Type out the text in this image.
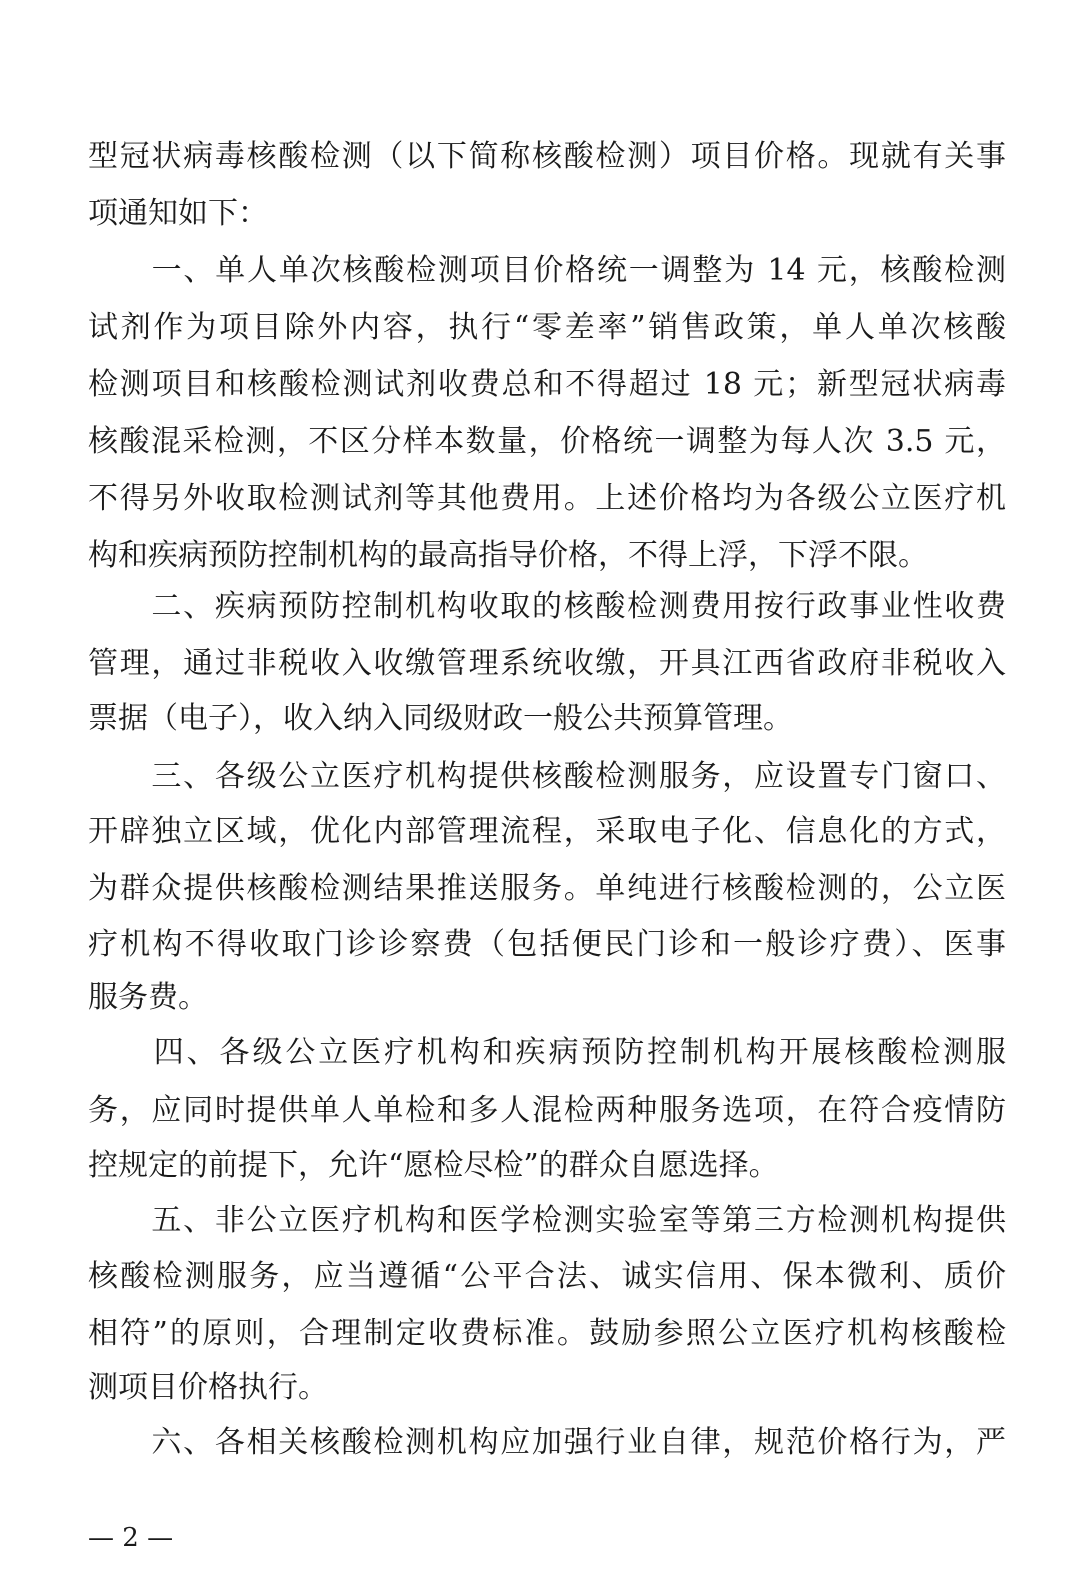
型冠状病毒核酸检测（以下简称核酸检测）项目价格。现就有关事
项通知如下：
　　一、单人单次核酸检测项目价格统一调整为 14 元，核酸检测
试剂作为项目除外内容，执行“零差率”销售政策，单人单次核酸
检测项目和核酸检测试剂收费总和不得超过 18 元；新型冠状病毒
核酸混采检测，不区分样本数量，价格统一调整为每人次 3.5 元，
不得另外收取检测试剂等其他费用。上述价格均为各级公立医疗机
构和疾病预防控制机构的最高指导价格，不得上浮，下浮不限。
　　二、疾病预防控制机构收取的核酸检测费用按行政事业性收费
管理，通过非税收入收缴管理系统收缴，开具江西省政府非税收入
票据（电子），收入纳入同级财政一般公共预算管理。
　　三、各级公立医疗机构提供核酸检测服务，应设置专门窗口、
开辟独立区域，优化内部管理流程，采取电子化、信息化的方式，
为群众提供核酸检测结果推送服务。单纯进行核酸检测的，公立医
疗机构不得收取门诊诊察费（包括便民门诊和一般诊疗费）、医事
服务费。
　　四、各级公立医疗机构和疾病预防控制机构开展核酸检测服
务，应同时提供单人单检和多人混检两种服务选项，在符合疫情防
控规定的前提下，允许“愿检尽检”的群众自愿选择。
　　五、非公立医疗机构和医学检测实验室等第三方检测机构提供
核酸检测服务，应当遵循“公平合法、诚实信用、保本微利、质价
相符”的原则，合理制定收费标准。鼓励参照公立医疗机构核酸检
测项目价格执行。
　　六、各相关核酸检测机构应加强行业自律，规范价格行为，严
— 2 —
